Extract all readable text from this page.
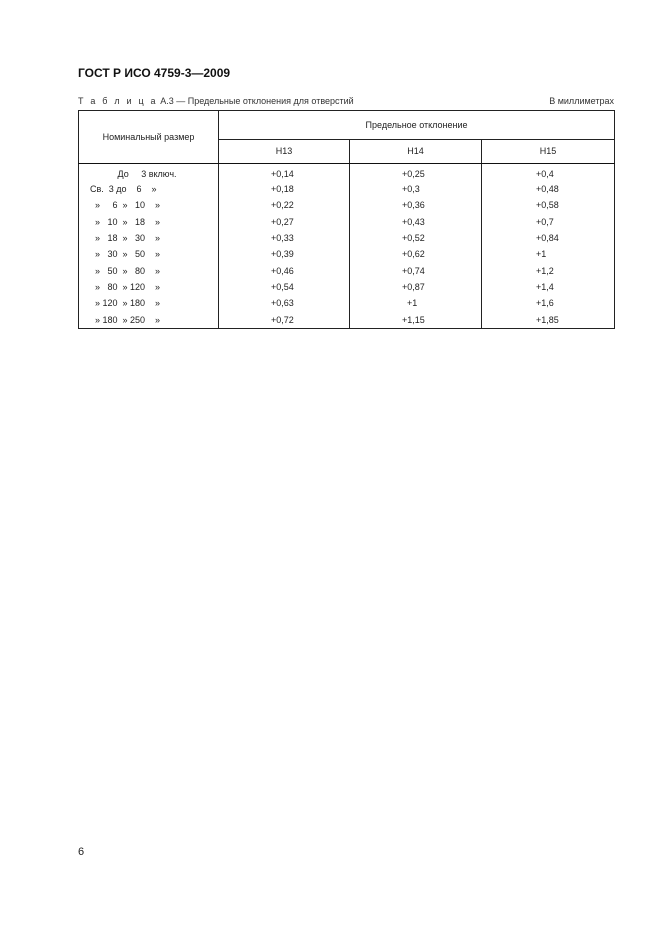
ГОСТ Р ИСО 4759-3—2009
Т а б л и ц а А.3 — Предельные отклонения для отверстий	В миллиметрах
Номинальный размер	Предельное отклонение		
	H13	H14	H15
До     3 включ.	+0,14	+0,25	+0,4
Св.  3 до    6    »	+0,18	+0,3	+0,48
»     6  »   10    »	+0,22	+0,36	+0,58
»   10  »   18    »	+0,27	+0,43	+0,7
»   18  »   30    »	+0,33	+0,52	+0,84
»   30  »   50    »	+0,39	+0,62	+1
»   50  »   80    »	+0,46	+0,74	+1,2
»   80  » 120    »	+0,54	+0,87	+1,4
» 120  » 180    »	+0,63	+1	+1,6
» 180  » 250    »	+0,72	+1,15	+1,85
6
